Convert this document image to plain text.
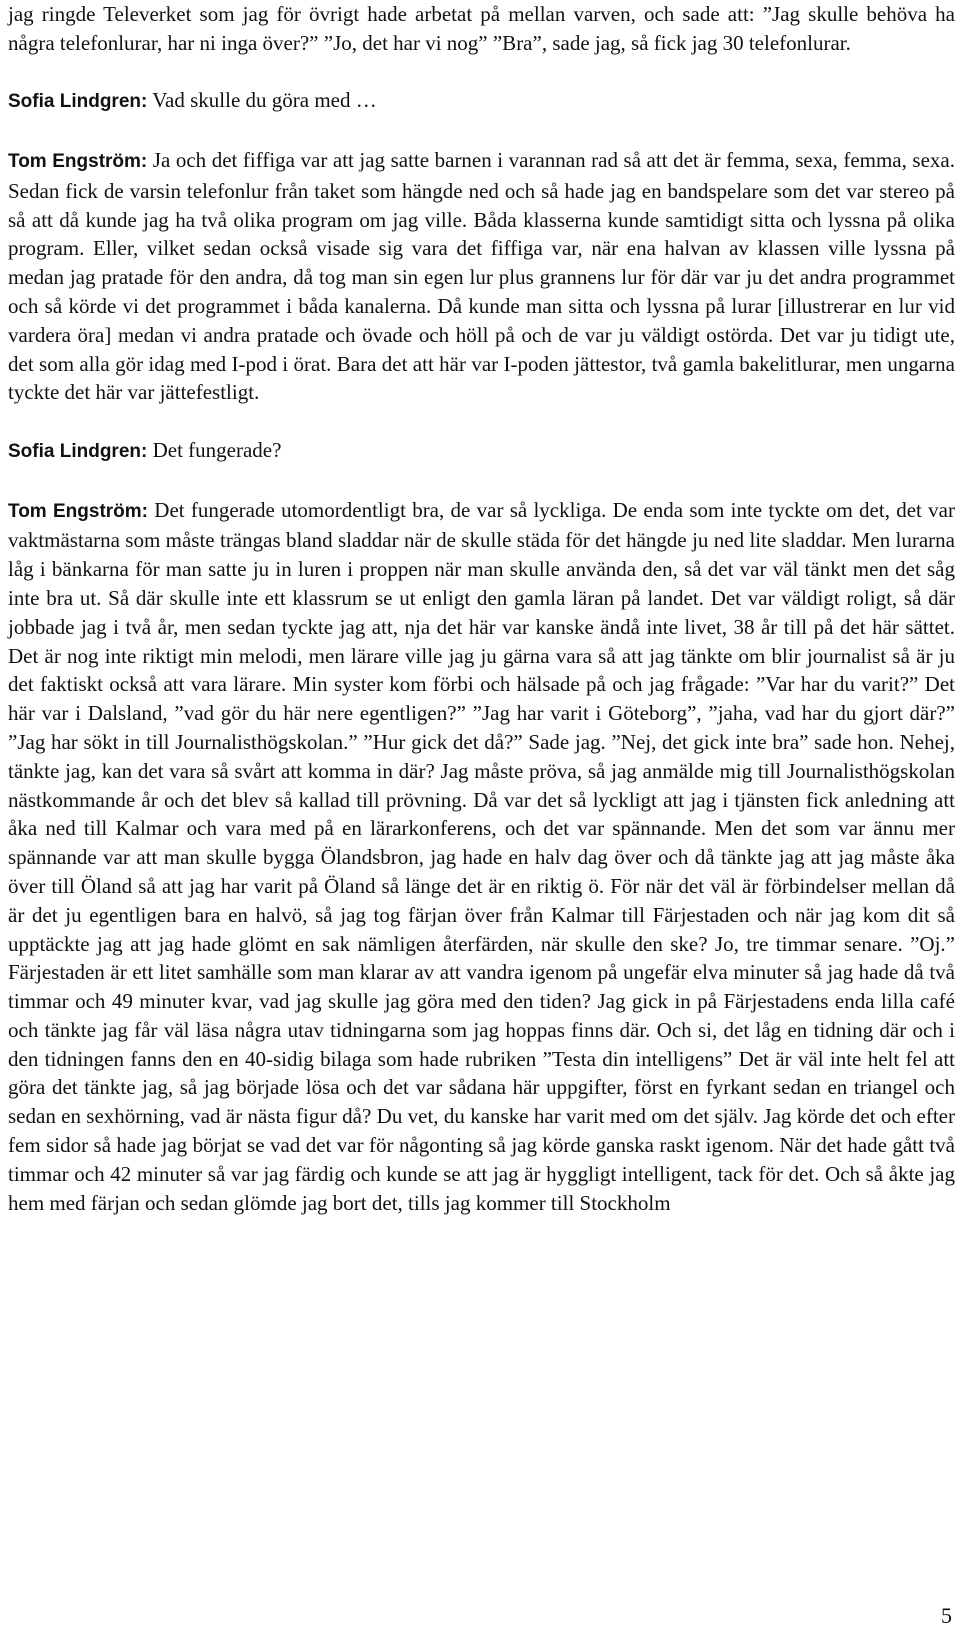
jag ringde Televerket som jag för övrigt hade arbetat på mellan varven, och sade att: ”Jag skulle behöva ha några telefonlurar, har ni inga över?” ”Jo, det har vi nog” ”Bra”, sade jag, så fick jag 30 telefonlurar.

Sofia Lindgren: Vad skulle du göra med …

Tom Engström: Ja och det fiffiga var att jag satte barnen i varannan rad så att det är femma, sexa, femma, sexa. Sedan fick de varsin telefonlur från taket som hängde ned och så hade jag en bandspelare som det var stereo på så att då kunde jag ha två olika program om jag ville. Båda klasserna kunde samtidigt sitta och lyssna på olika program. Eller, vilket sedan också visade sig vara det fiffiga var, när ena halvan av klassen ville lyssna på medan jag pratade för den andra, då tog man sin egen lur plus grannens lur för där var ju det andra programmet och så körde vi det programmet i båda kanalerna. Då kunde man sitta och lyssna på lurar [illustrerar en lur vid vardera öra] medan vi andra pratade och övade och höll på och de var ju väldigt ostörda. Det var ju tidigt ute, det som alla gör idag med I-pod i örat. Bara det att här var I-poden jättestor, två gamla bakelitlurar, men ungarna tyckte det här var jättefestligt.

Sofia Lindgren: Det fungerade?

Tom Engström: Det fungerade utomordentligt bra, de var så lyckliga. De enda som inte tyckte om det, det var vaktmästarna som måste trängas bland sladdar när de skulle städa för det hängde ju ned lite sladdar. Men lurarna låg i bänkarna för man satte ju in luren i proppen när man skulle använda den, så det var väl tänkt men det såg inte bra ut. Så där skulle inte ett klassrum se ut enligt den gamla läran på landet. Det var väldigt roligt, så där jobbade jag i två år, men sedan tyckte jag att, nja det här var kanske ändå inte livet, 38 år till på det här sättet. Det är nog inte riktigt min melodi, men lärare ville jag ju gärna vara så att jag tänkte om blir journalist så är ju det faktiskt också att vara lärare. Min syster kom förbi och hälsade på och jag frågade: ”Var har du varit?” Det här var i Dalsland, ”vad gör du här nere egentligen?” ”Jag har varit i Göteborg”, ”jaha, vad har du gjort där?” ”Jag har sökt in till Journalisthögskolan.” ”Hur gick det då?” Sade jag. ”Nej, det gick inte bra” sade hon. Nehej, tänkte jag, kan det vara så svårt att komma in där? Jag måste pröva, så jag anmälde mig till Journalisthögskolan nästkommande år och det blev så kallad till prövning. Då var det så lyckligt att jag i tjänsten fick anledning att åka ned till Kalmar och vara med på en lärarkonferens, och det var spännande. Men det som var ännu mer spännande var att man skulle bygga Ölandsbron, jag hade en halv dag över och då tänkte jag att jag måste åka över till Öland så att jag har varit på Öland så länge det är en riktig ö. För när det väl är förbindelser mellan då är det ju egentligen bara en halvö, så jag tog färjan över från Kalmar till Färjestaden och när jag kom dit så upptäckte jag att jag hade glömt en sak nämligen återfärden, när skulle den ske? Jo, tre timmar senare. ”Oj.” Färjestaden är ett litet samhälle som man klarar av att vandra igenom på ungefär elva minuter så jag hade då två timmar och 49 minuter kvar, vad jag skulle jag göra med den tiden? Jag gick in på Färjestadens enda lilla café och tänkte jag får väl läsa några utav tidningarna som jag hoppas finns där. Och si, det låg en tidning där och i den tidningen fanns den en 40-sidig bilaga som hade rubriken ”Testa din intelligens” Det är väl inte helt fel att göra det tänkte jag, så jag började lösa och det var sådana här uppgifter, först en fyrkant sedan en triangel och sedan en sexhörning, vad är nästa figur då? Du vet, du kanske har varit med om det själv. Jag körde det och efter fem sidor så hade jag börjat se vad det var för någonting så jag körde ganska raskt igenom. När det hade gått två timmar och 42 minuter så var jag färdig och kunde se att jag är hyggligt intelligent, tack för det. Och så åkte jag hem med färjan och sedan glömde jag bort det, tills jag kommer till Stockholm

5
